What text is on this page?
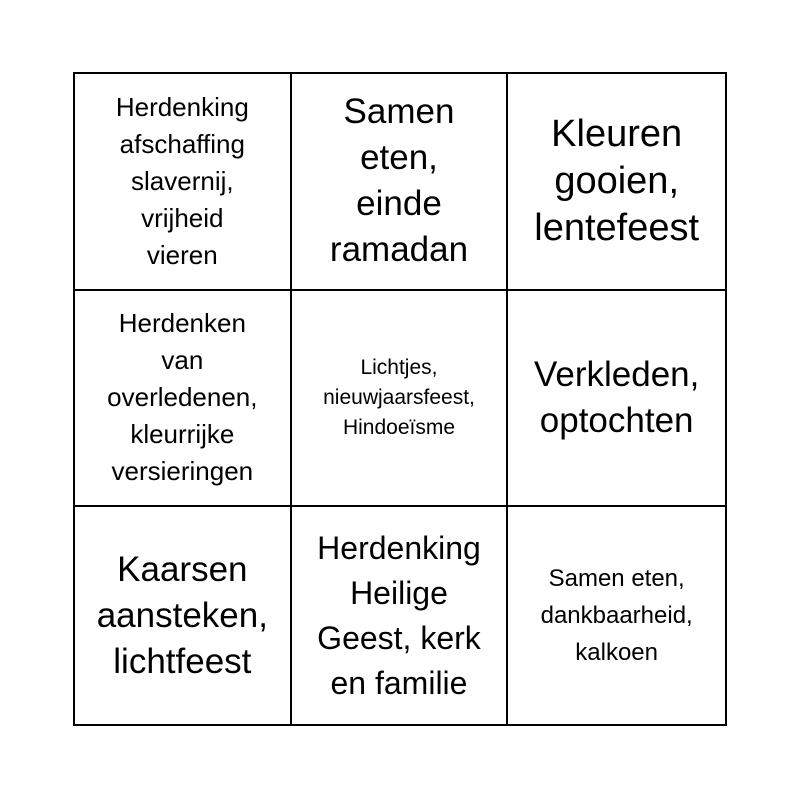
Herdenking
afschaffing
slavernij,
vrijheid
vieren
Samen
eten,
einde
ramadan
Kleuren
gooien,
lentefeest
Herdenken
van
overledenen,
kleurrijke
versieringen
Lichtjes,
nieuwjaarsfeest,
Hindoeïsme
Verkleden,
optochten
Kaarsen
aansteken,
lichtfeest
Herdenking
Heilige
Geest, kerk
en familie
Samen eten,
dankbaarheid,
kalkoen
